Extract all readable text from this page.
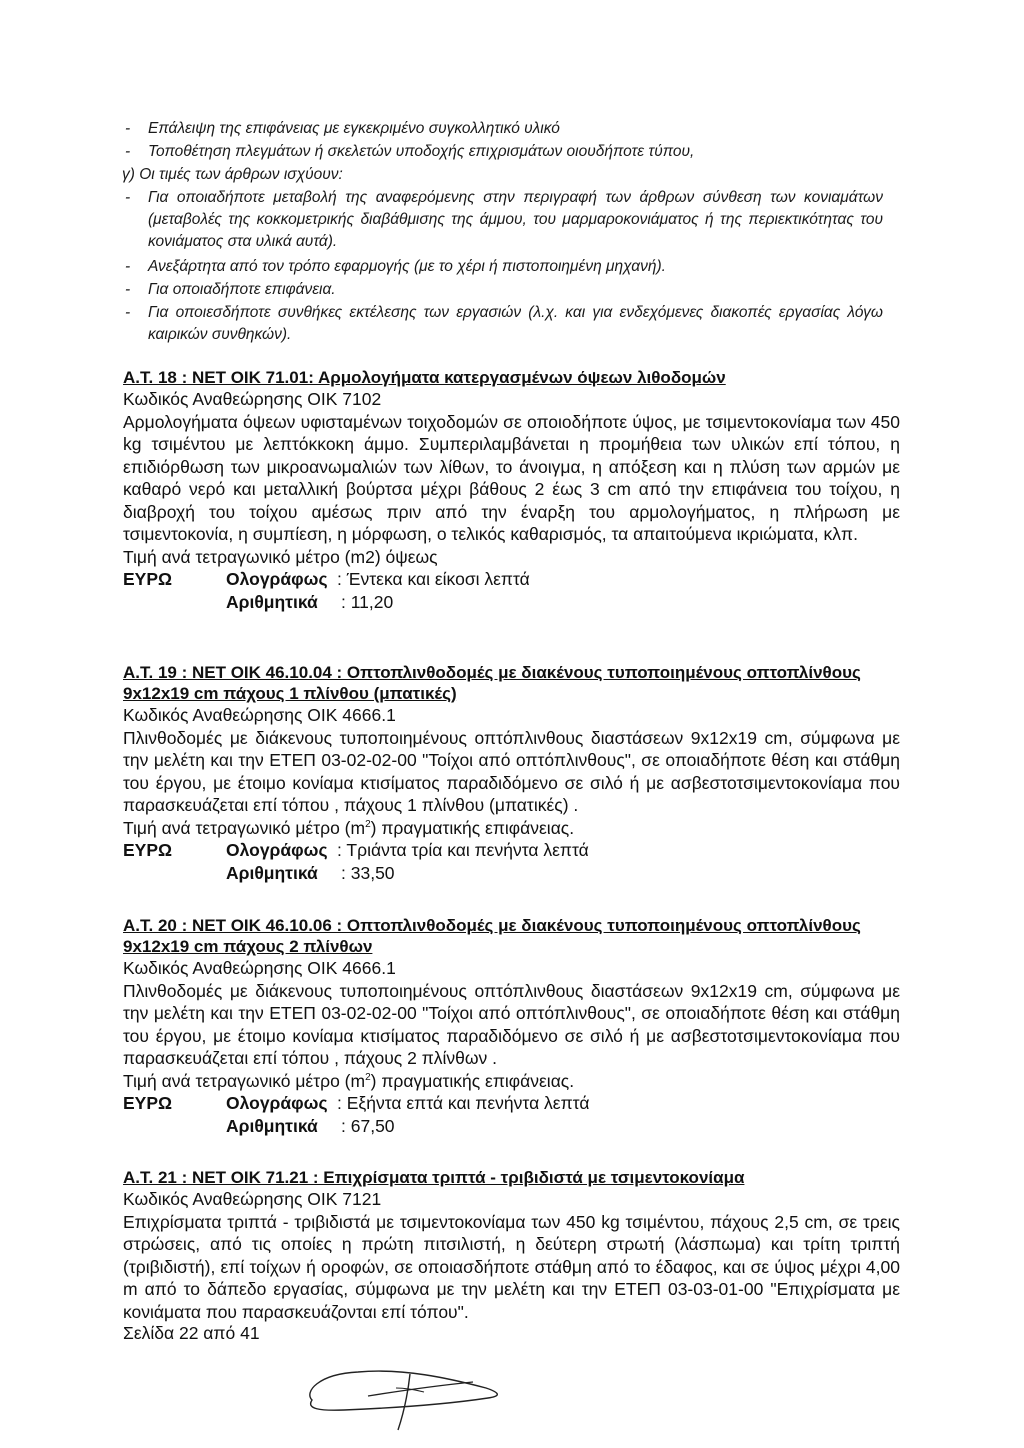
- Επάλειψη της επιφάνειας με εγκεκριμένο συγκολλητικό υλικό
- Τοποθέτηση πλεγμάτων ή σκελετών υποδοχής επιχρισμάτων οιουδήποτε τύπου,
γ) Οι τιμές των άρθρων ισχύουν:
- Για οποιαδήποτε μεταβολή της αναφερόμενης στην περιγραφή των άρθρων σύνθεση των κονιαμάτων (μεταβολές της κοκκομετρικής διαβάθμισης της άμμου, του μαρμαροκονιάματος ή της περιεκτικότητας του κονιάματος στα υλικά αυτά).
- Ανεξάρτητα από τον τρόπο εφαρμογής (με το χέρι ή πιστοποιημένη μηχανή).
- Για οποιαδήποτε επιφάνεια.
- Για οποιεσδήποτε συνθήκες εκτέλεσης των εργασιών (λ.χ. και για ενδεχόμενες διακοπές εργασίας λόγω καιρικών συνθηκών).

Α.Τ. 18 : ΝΕΤ ΟΙΚ 71.01: Αρμολογήματα κατεργασμένων όψεων λιθοδομών

Κωδικός Αναθεώρησης ΟΙΚ 7102

Αρμολογήματα όψεων υφισταμένων τοιχοδομών σε οποιοδήποτε ύψος, με τσιμεντοκονίαμα των 450 kg τσιμέντου με λεπτόκκοκη άμμο. Συμπεριλαμβάνεται η προμήθεια των υλικών επί τόπου, η επιδιόρθωση των μικροανωμαλιών των λίθων, το άνοιγμα, η απόξεση και η πλύση των αρμών με καθαρό νερό και μεταλλική βούρτσα μέχρι βάθους 2 έως 3 cm από την επιφάνεια του τοίχου, η διαβροχή του τοίχου αμέσως πριν από την έναρξη του αρμολογήματος, η πλήρωση με τσιμεντοκονία, η συμπίεση, η μόρφωση, ο τελικός καθαρισμός, τα απαιτούμενα ικριώματα, κλπ.

Τιμή ανά τετραγωνικό μέτρο (m2) όψεως

ΕΥΡΩ	Ολογράφως : Έντεκα και είκοσι λεπτά
Αριθμητικά : 11,20

Α.Τ. 19 : ΝΕΤ ΟΙΚ 46.10.04 : Οπτοπλινθοδομές με διακένους τυποποιημένους οπτοπλίνθους 9x12x19 cm πάχους 1 πλίνθου (μπατικές)

Κωδικός Αναθεώρησης ΟΙΚ 4666.1

Πλινθοδομές με διάκενους τυποποιημένους οπτόπλινθους διαστάσεων 9x12x19 cm, σύμφωνα με την μελέτη και την ΕΤΕΠ 03-02-02-00 "Τοίχοι από οπτόπλινθους", σε οποιαδήποτε θέση και στάθμη του έργου, με έτοιμο κονίαμα κτισίματος παραδιδόμενο σε σιλό ή με ασβεστοτσιμεντοκονίαμα που παρασκευάζεται επί τόπου , πάχους 1 πλίνθου (μπατικές) .

Τιμή ανά τετραγωνικό μέτρο $(m^2)$ πραγματικής επιφάνειας.

ΕΥΡΩ	Ολογράφως : Τριάντα τρία και πενήντα λεπτά
Αριθμητικά : 33,50

Α.Τ. 20 : ΝΕΤ ΟΙΚ 46.10.06 : Οπτοπλινθοδομές με διακένους τυποποιημένους οπτοπλίνθους 9x12x19 cm πάχους 2 πλίνθων

Κωδικός Αναθεώρησης ΟΙΚ 4666.1

Πλινθοδομές με διάκενους τυποποιημένους οπτόπλινθους διαστάσεων 9x12x19 cm, σύμφωνα με την μελέτη και την ΕΤΕΠ 03-02-02-00 "Τοίχοι από οπτόπλινθους", σε οποιαδήποτε θέση και στάθμη του έργου, με έτοιμο κονίαμα κτισίματος παραδιδόμενο σε σιλό ή με ασβεστοτσιμεντοκονίαμα που παρασκευάζεται επί τόπου , πάχους 2 πλίνθων .

Τιμή ανά τετραγωνικό μέτρο $(m^2)$ πραγματικής επιφάνειας.

ΕΥΡΩ	Ολογράφως : Εξήντα επτά και πενήντα λεπτά
Αριθμητικά : 67,50

Α.Τ. 21 : ΝΕΤ ΟΙΚ 71.21 : Επιχρίσματα τριπτά - τριβιδιστά με τσιμεντοκονίαμα

Κωδικός Αναθεώρησης ΟΙΚ 7121

Επιχρίσματα τριπτά - τριβιδιστά με τσιμεντοκονίαμα των 450 kg τσιμέντου, πάχους 2,5 cm, σε τρεις στρώσεις, από τις οποίες η πρώτη πιτσιλιστή, η δεύτερη στρωτή (λάσπωμα) και τρίτη τριπτή (τριβιδιστή), επί τοίχων ή οροφών, σε οποιασδήποτε στάθμη από το έδαφος, και σε ύψος μέχρι 4,00 m από το δάπεδο εργασίας, σύμφωνα με την μελέτη και την ΕΤΕΠ 03-03-01-00 "Επιχρίσματα με κονιάματα που παρασκευάζονται επί τόπου".

Σελίδα 22 από 41
